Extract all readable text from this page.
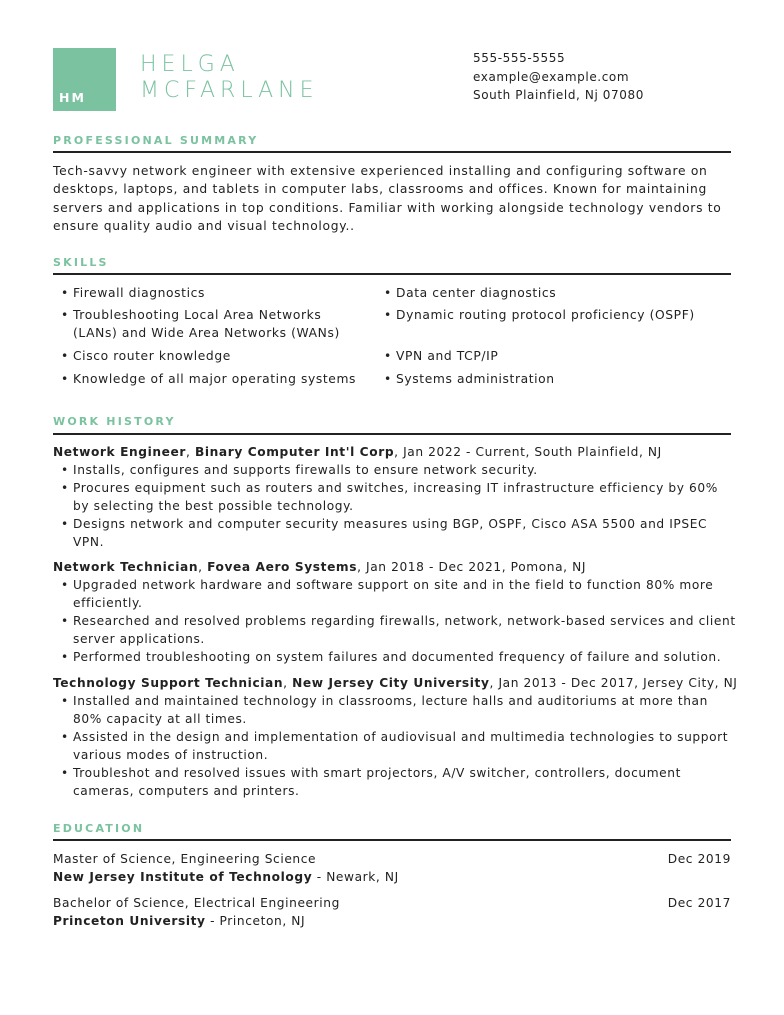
HM
HELGA
MCFARLANE
555-555-5555
example@example.com
South Plainfield, Nj 07080
PROFESSIONAL SUMMARY
Tech-savvy network engineer with extensive experienced installing and configuring software on desktops, laptops, and tablets in computer labs, classrooms and offices. Known for maintaining servers and applications in top conditions. Familiar with working alongside technology vendors to ensure quality audio and visual technology..
SKILLS
• Firewall diagnostics
• Troubleshooting Local Area Networks (LANs) and Wide Area Networks (WANs)
• Cisco router knowledge
• Knowledge of all major operating systems
• Data center diagnostics
• Dynamic routing protocol proficiency (OSPF)
• VPN and TCP/IP
• Systems administration
WORK HISTORY
Network Engineer, Binary Computer Int'l Corp, Jan 2022 - Current, South Plainfield, NJ
• Installs, configures and supports firewalls to ensure network security.
• Procures equipment such as routers and switches, increasing IT infrastructure efficiency by 60% by selecting the best possible technology.
• Designs network and computer security measures using BGP, OSPF, Cisco ASA 5500 and IPSEC VPN.
Network Technician, Fovea Aero Systems, Jan 2018 - Dec 2021, Pomona, NJ
• Upgraded network hardware and software support on site and in the field to function 80% more efficiently.
• Researched and resolved problems regarding firewalls, network, network-based services and client server applications.
• Performed troubleshooting on system failures and documented frequency of failure and solution.
Technology Support Technician, New Jersey City University, Jan 2013 - Dec 2017, Jersey City, NJ
• Installed and maintained technology in classrooms, lecture halls and auditoriums at more than 80% capacity at all times.
• Assisted in the design and implementation of audiovisual and multimedia technologies to support various modes of instruction.
• Troubleshot and resolved issues with smart projectors, A/V switcher, controllers, document cameras, computers and printers.
EDUCATION
Master of Science, Engineering Science	Dec 2019
New Jersey Institute of Technology - Newark, NJ
Bachelor of Science, Electrical Engineering	Dec 2017
Princeton University - Princeton, NJ
